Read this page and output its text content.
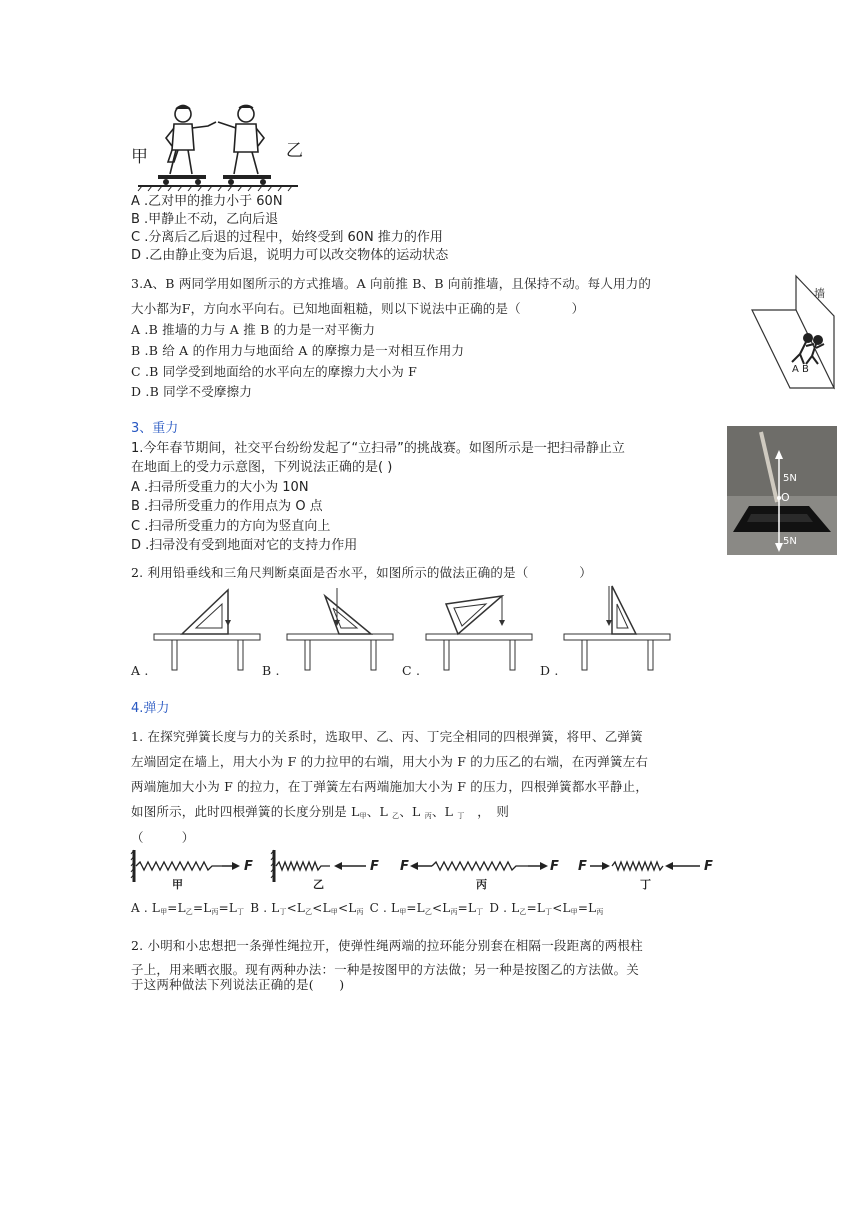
甲	乙
A .乙对甲的推力小于 60N
B .甲静止不动，乙向后退
C .分离后乙后退的过程中，始终受到 60N 推力的作用
D .乙由静止变为后退，说明力可以改交物体的运动状态
3.A、B 两同学用如图所示的方式推墙。A 向前推 B、B 向前推墙，且保持不动。每人用力的
大小都为F，方向水平向右。已知地面粗糙，则以下说法中正确的是（　　　　）
A .B 推墙的力与 A 推 B 的力是一对平衡力
B .B 给 A 的作用力与地面给 A 的摩擦力是一对相互作用力
C .B 同学受到地面给的水平向左的摩擦力大小为 F
D .B 同学不受摩擦力
墙
A B
3、重力
1.今年春节期间，社交平台纷纷发起了“立扫帚”的挑战赛。如图所示是一把扫帚静止立
在地面上的受力示意图，下列说法正确的是( )
A .扫帚所受重力的大小为 10N
B .扫帚所受重力的作用点为 O 点
C .扫帚所受重力的方向为竖直向上
D .扫帚没有受到地面对它的支持力作用
5N
O
5N
2. 利用铅垂线和三角尺判断桌面是否水平，如图所示的做法正确的是（　　　　）
A .	B .	C .	D .
4.弹力
1. 在探究弹簧长度与力的关系时，选取甲、乙、丙、丁完全相同的四根弹簧，将甲、乙弹簧
左端固定在墙上，用大小为 F 的力拉甲的右端，用大小为 F 的力压乙的右端，在丙弹簧左右
两端施加大小为 F 的拉力，在丁弹簧左右两端施加大小为 F 的压力，四根弹簧都水平静止，
如图所示，此时四根弹簧的长度分别是 $L_甲$、L $_乙$、L $_丙$、L $_丁$　 ，　则
（　　　）
F	F F	F F	F
甲	乙	丙	丁
A . $L_甲=L_乙=L_丙=L_丁$ B . $L_丁<L_乙<L_甲<L_丙$ C . $L_甲=L_乙<L_丙=L_丁$ D . $L_乙=L_丁<L_甲=L_丙$
2. 小明和小忠想把一条弹性绳拉开，使弹性绳两端的拉环能分别套在相隔一段距离的两根柱
子上，用来晒衣服。现有两种办法：一种是按图甲的方法做；另一种是按图乙的方法做。关
于这两种做法下列说法正确的是(　　)
